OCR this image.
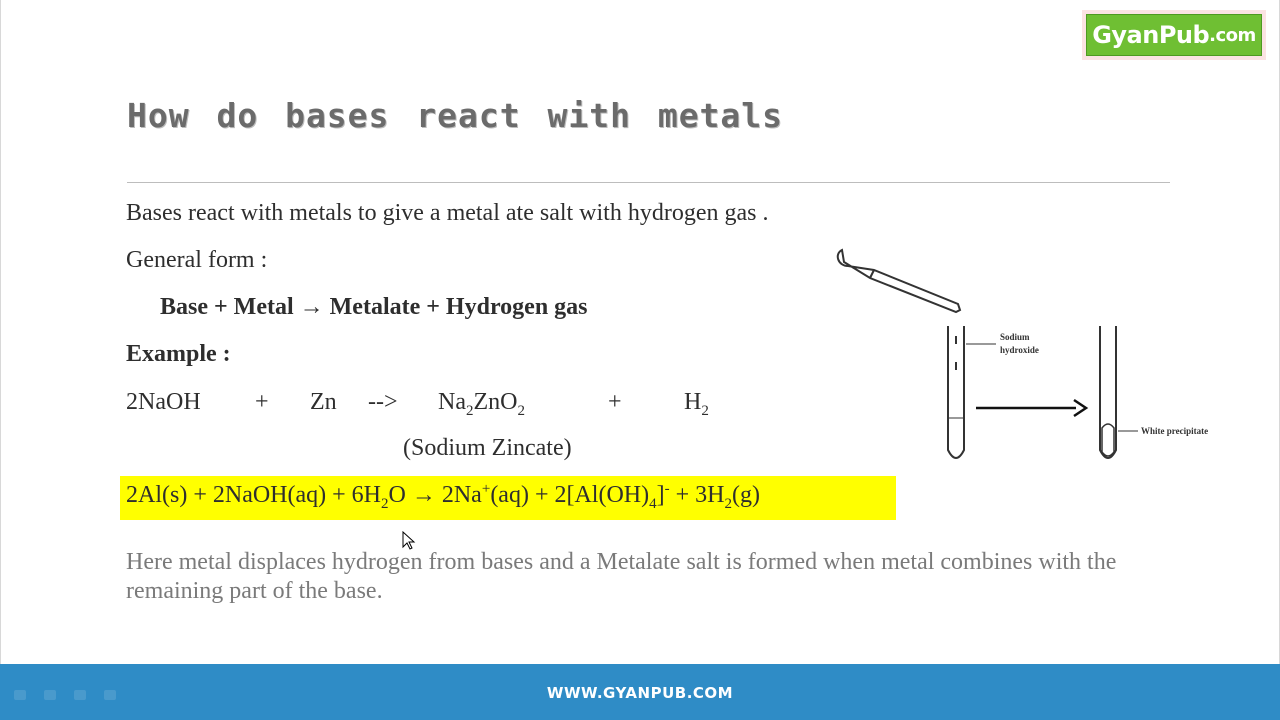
GyanPub .com
How do bases react with metals
Bases react with metals to give a metal ate salt with hydrogen gas .
General form :
Base + Metal → Metalate + Hydrogen gas
Example :
2NaOH + Zn --> $Na_2ZnO_2$	+	$H_2$
(Sodium Zincate)
2Al(s) + 2NaOH(aq) + $6H_2O \to 2Na^+(aq) + 2[Al(OH)_4]^- + 3H_2(g)$
Here metal displaces hydrogen from bases and a Metalate salt is formed when metal combines with the remaining part of the base.
Sodium
hydroxide
White precipitate
WWW.GYANPUB.COM
